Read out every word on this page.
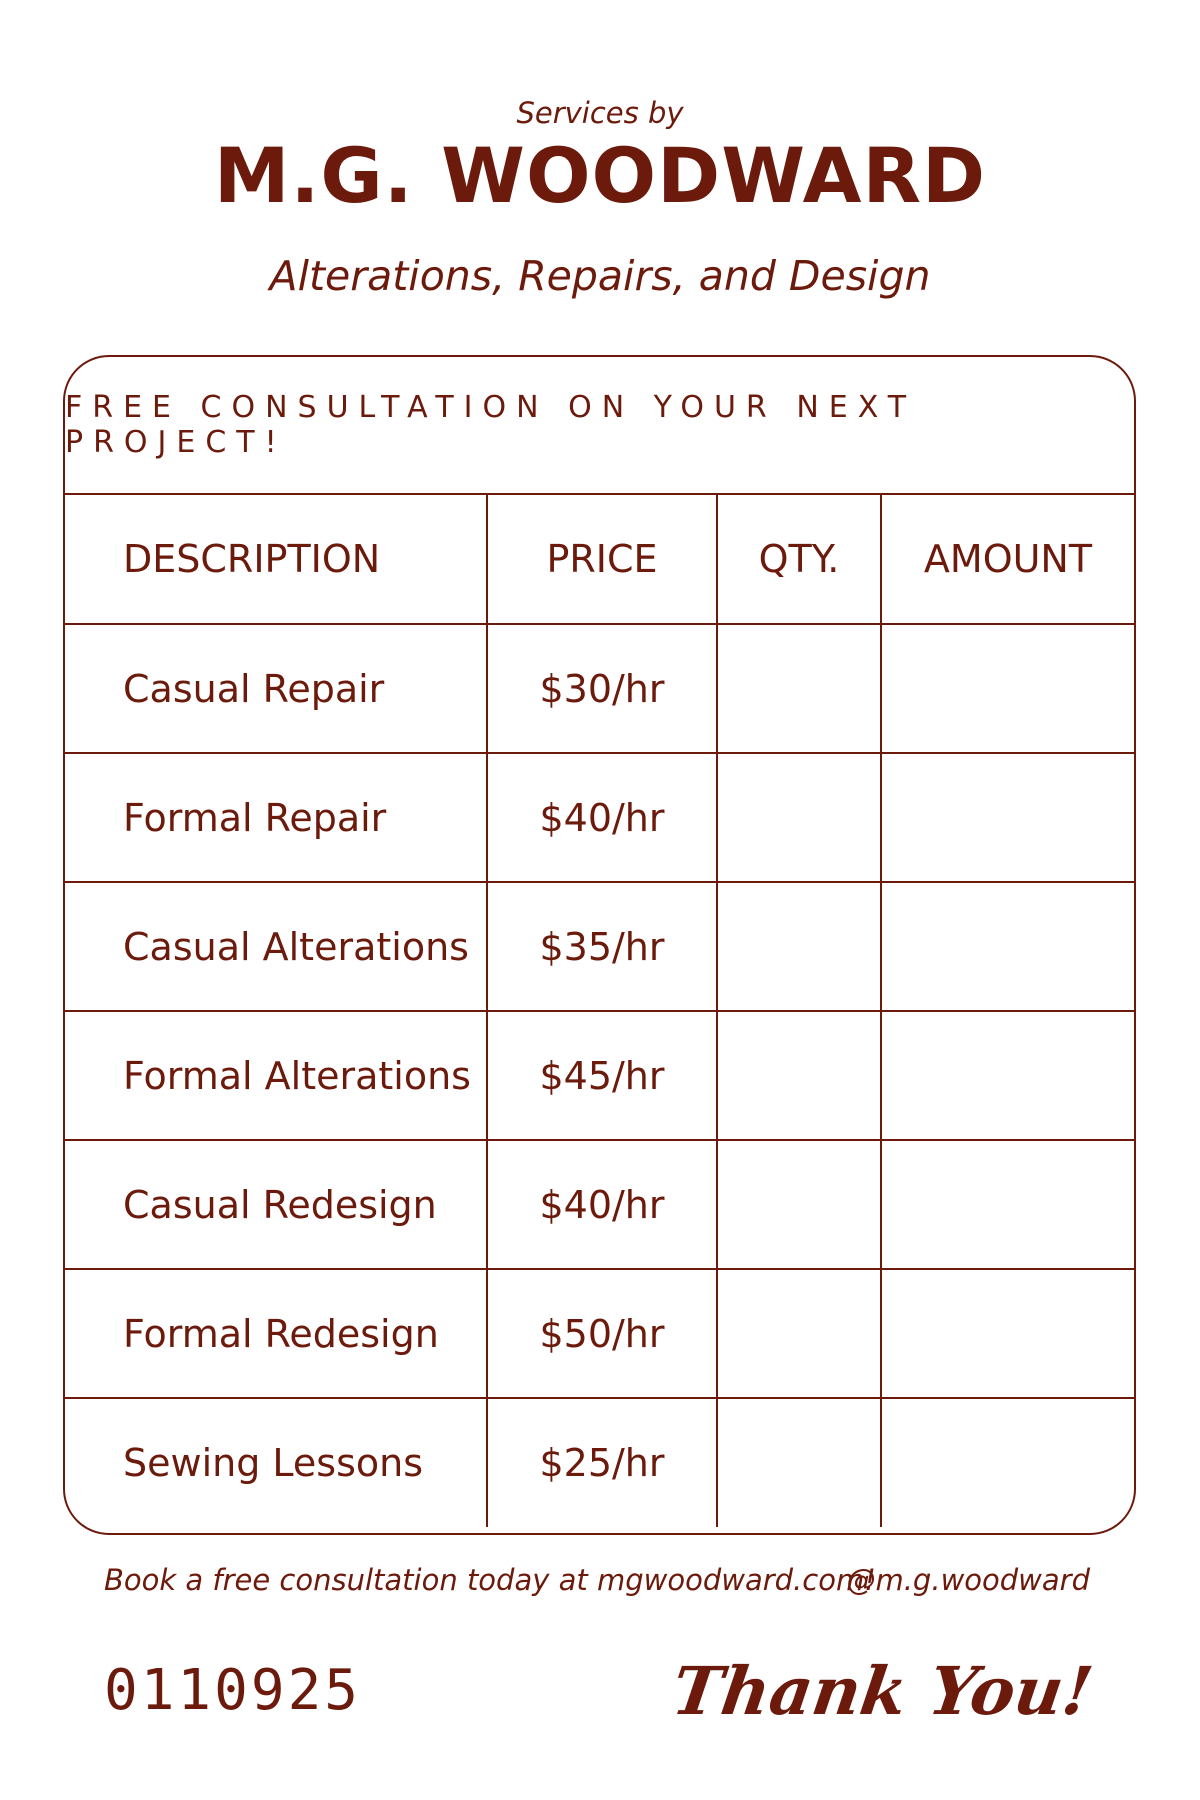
Services by
M.G. WOODWARD
Alterations, Repairs, and Design
FREE CONSULTATION ON YOUR NEXT PROJECT!
DESCRIPTION	PRICE	QTY.	AMOUNT
Casual Repair	$30/hr		
Formal Repair	$40/hr		
Casual Alterations	$35/hr		
Formal Alterations	$45/hr		
Casual Redesign	$40/hr		
Formal Redesign	$50/hr		
Sewing Lessons	$25/hr		
Book a free consultation today at mgwoodward.com!
@m.g.woodward
0110925	Thank You!
